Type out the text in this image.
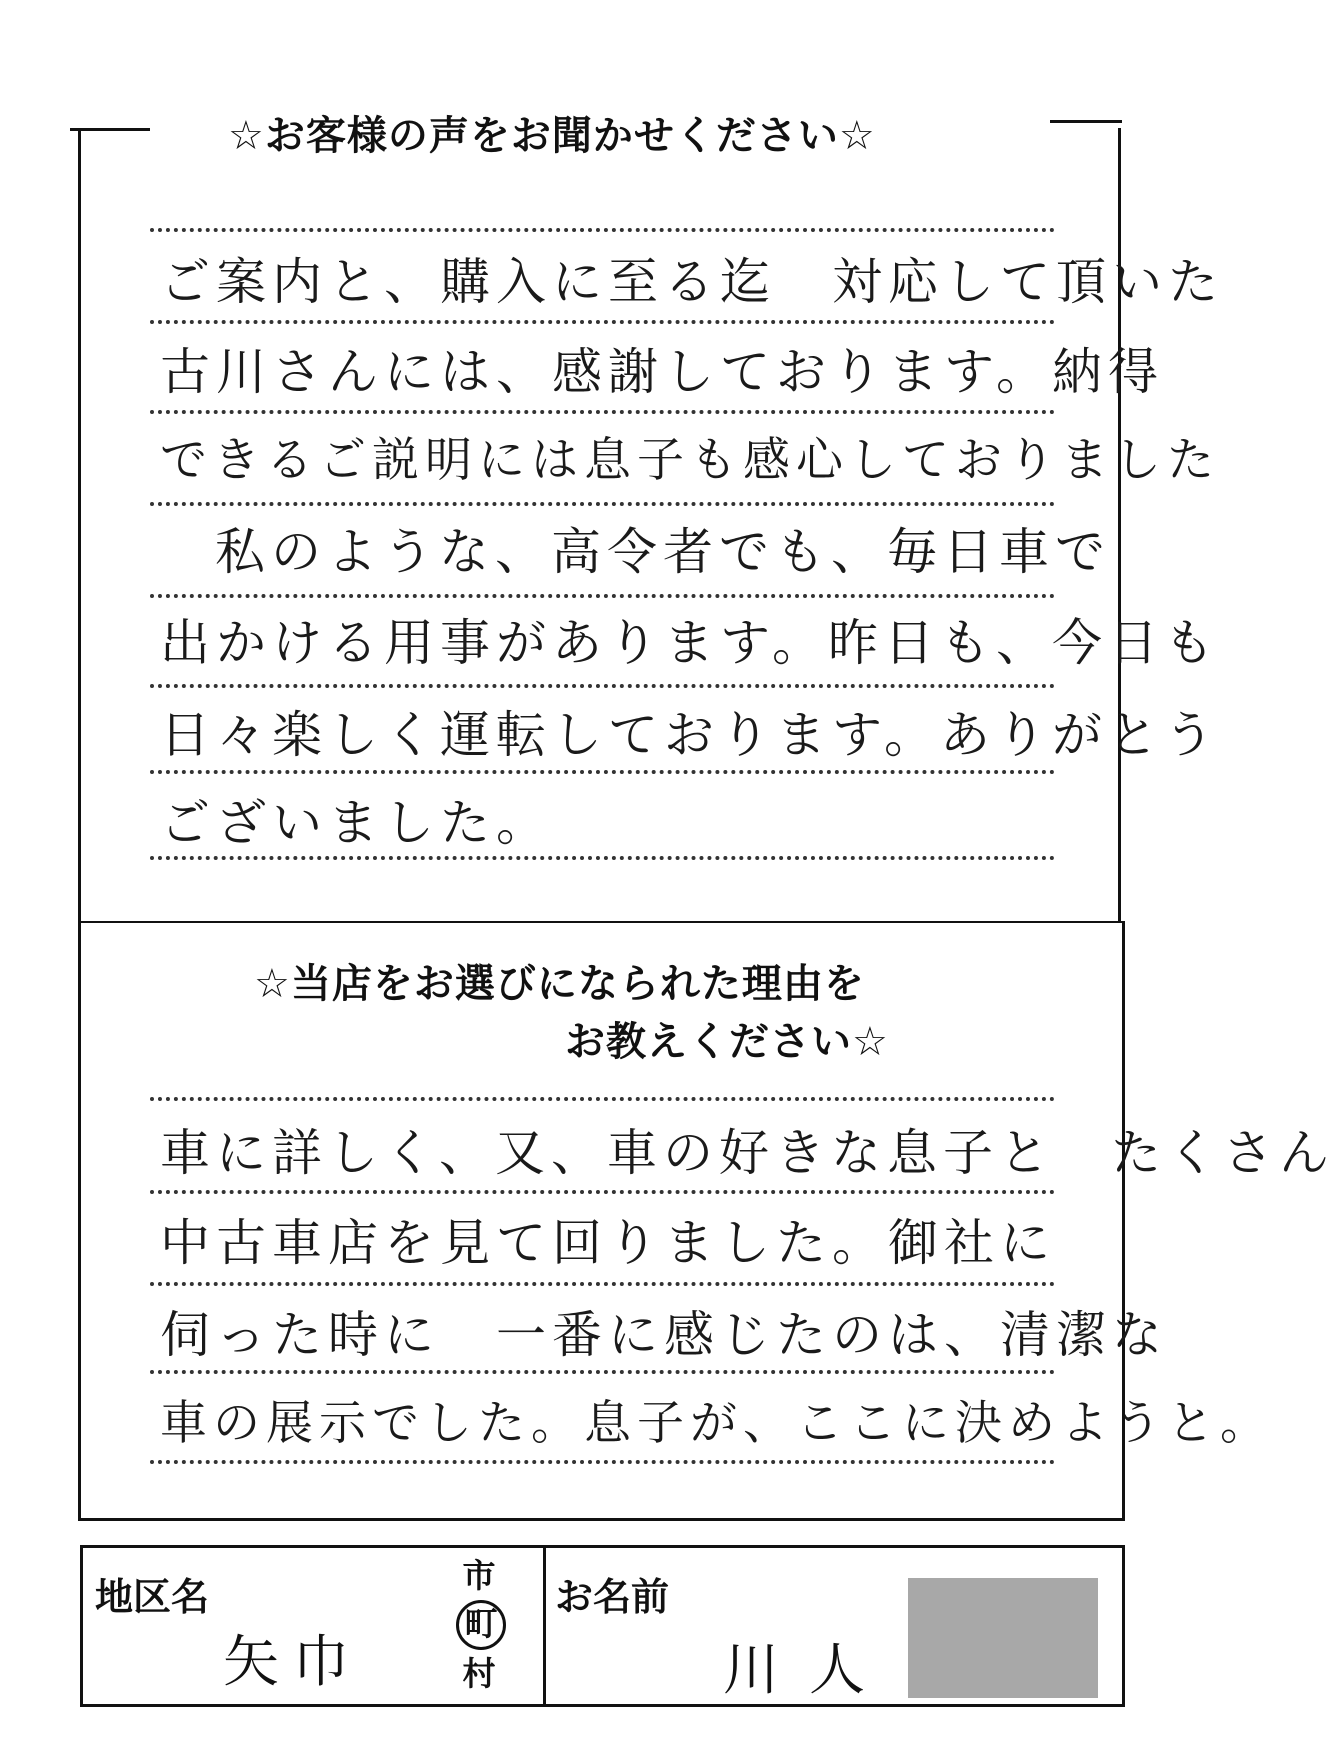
☆お客様の声をお聞かせください☆
ご案内と、購入に至る迄　対応して頂いた
古川さんには、感謝しております。納得
できるご説明には息子も感心しておりました
私のような、高令者でも、毎日車で
出かける用事があります。昨日も、今日も
日々楽しく運転しております。ありがとう
ございました。
☆当店をお選びになられた理由を
お教えください☆
車に詳しく、又、車の好きな息子と　たくさん
中古車店を見て回りました。御社に
伺った時に　一番に感じたのは、清潔な
車の展示でした。息子が、ここに決めようと。
地区名
矢巾
市
町
村
お名前
川人
